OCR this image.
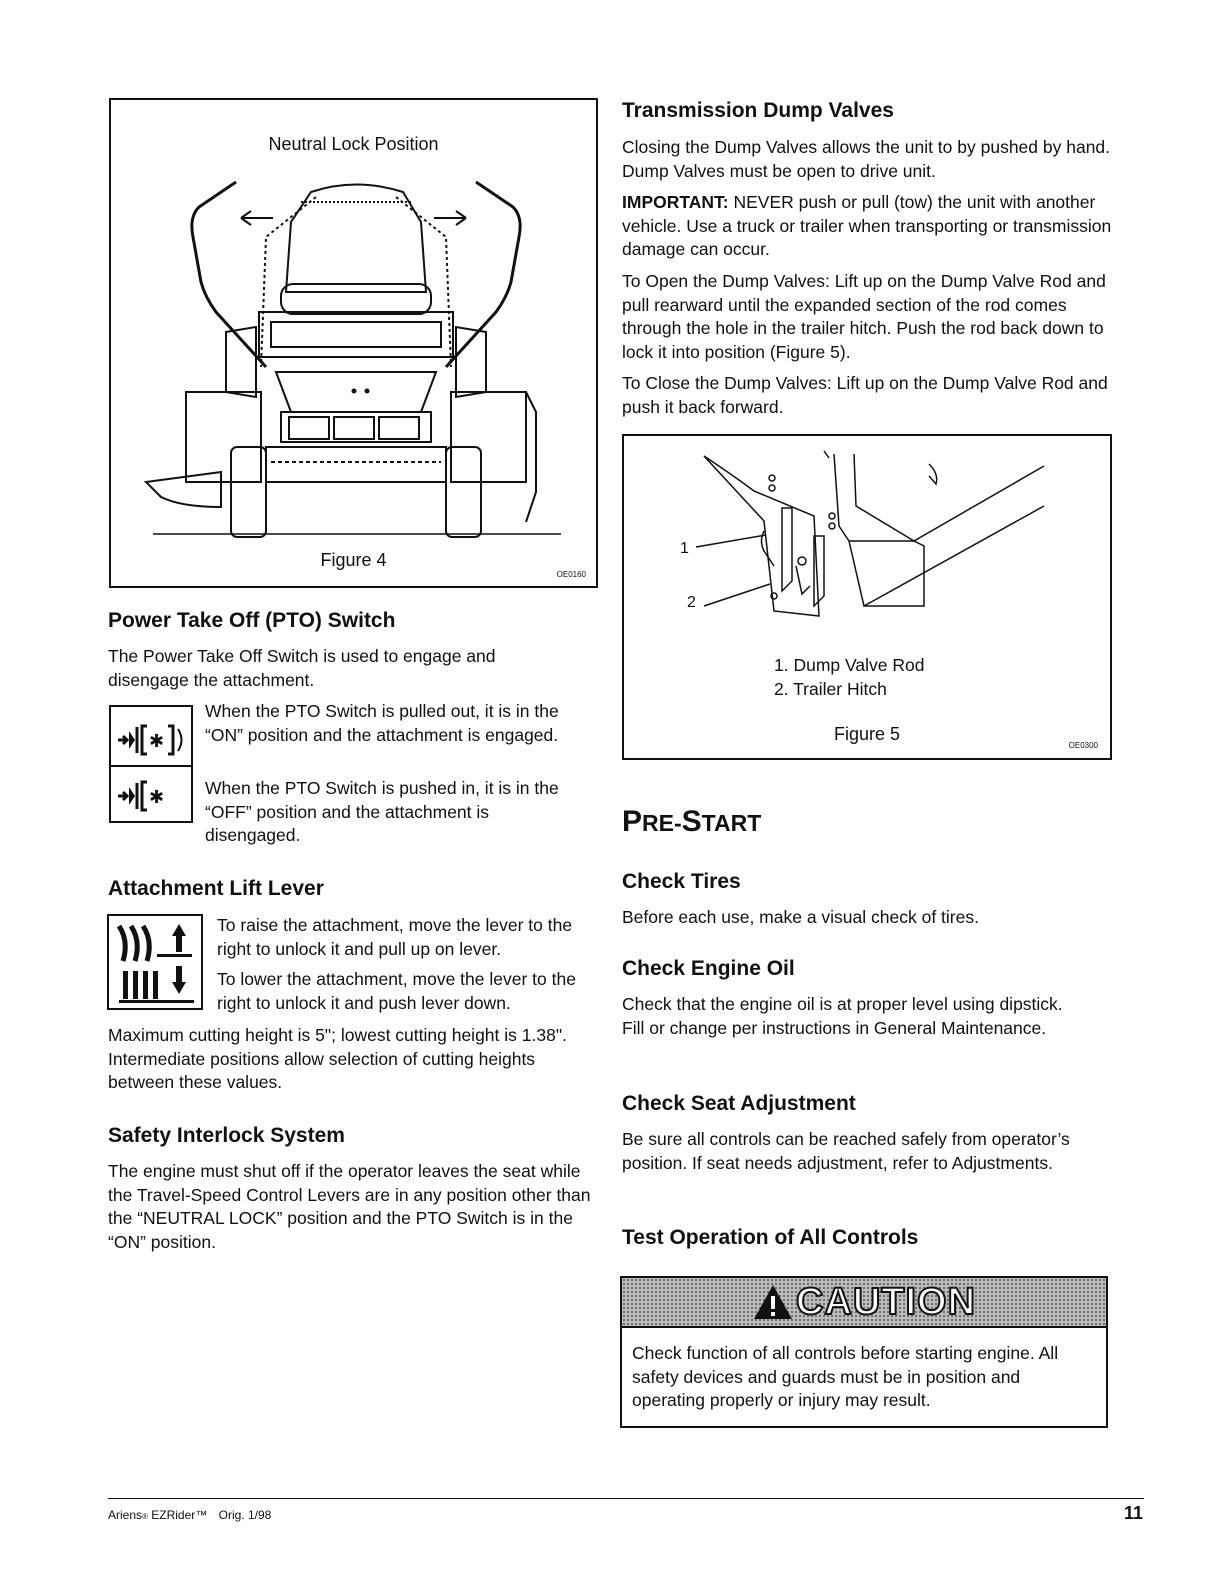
Neutral Lock Position
Figure 4
OE0160
Power Take Off (PTO) Switch

The Power Take Off Switch is used to engage and disengage the attachment.

✱
✱

When the PTO Switch is pulled out, it is in the “ON” position and the attachment is engaged.

When the PTO Switch is pushed in, it is in the “OFF” position and the attachment is disengaged.

Attachment Lift Lever

To raise the attachment, move the lever to the right to unlock it and pull up on lever.

To lower the attachment, move the lever to the right to unlock it and push lever down.

Maximum cutting height is 5"; lowest cutting height is 1.38". Intermediate positions allow selection of cutting heights between these values.

Safety Interlock System

The engine must shut off if the operator leaves the seat while the Travel-Speed Control Levers are in any position other than the “NEUTRAL LOCK” position and the PTO Switch is in the “ON” position.

Transmission Dump Valves

Closing the Dump Valves allows the unit to by pushed by hand. Dump Valves must be open to drive unit.

IMPORTANT: NEVER push or pull (tow) the unit with another vehicle. Use a truck or trailer when transporting or transmission damage can occur.

To Open the Dump Valves: Lift up on the Dump Valve Rod and pull rearward until the expanded section of the rod comes through the hole in the trailer hitch. Push the rod back down to lock it into position (Figure 5).

To Close the Dump Valves: Lift up on the Dump Valve Rod and push it back forward.

1
2
1. Dump Valve Rod
2. Trailer Hitch
Figure 5
OE0300
PRE-START
Check Tires

Before each use, make a visual check of tires.

Check Engine Oil

Check that the engine oil is at proper level using dipstick. Fill or change per instructions in General Maintenance.

Check Seat Adjustment

Be sure all controls can be reached safely from operator’s position. If seat needs adjustment, refer to Adjustments.

Test Operation of All Controls
CAUTION

Check function of all controls before starting engine. All safety devices and guards must be in position and operating properly or injury may result.

Ariens® EZRider™ Orig. 1/98	11
